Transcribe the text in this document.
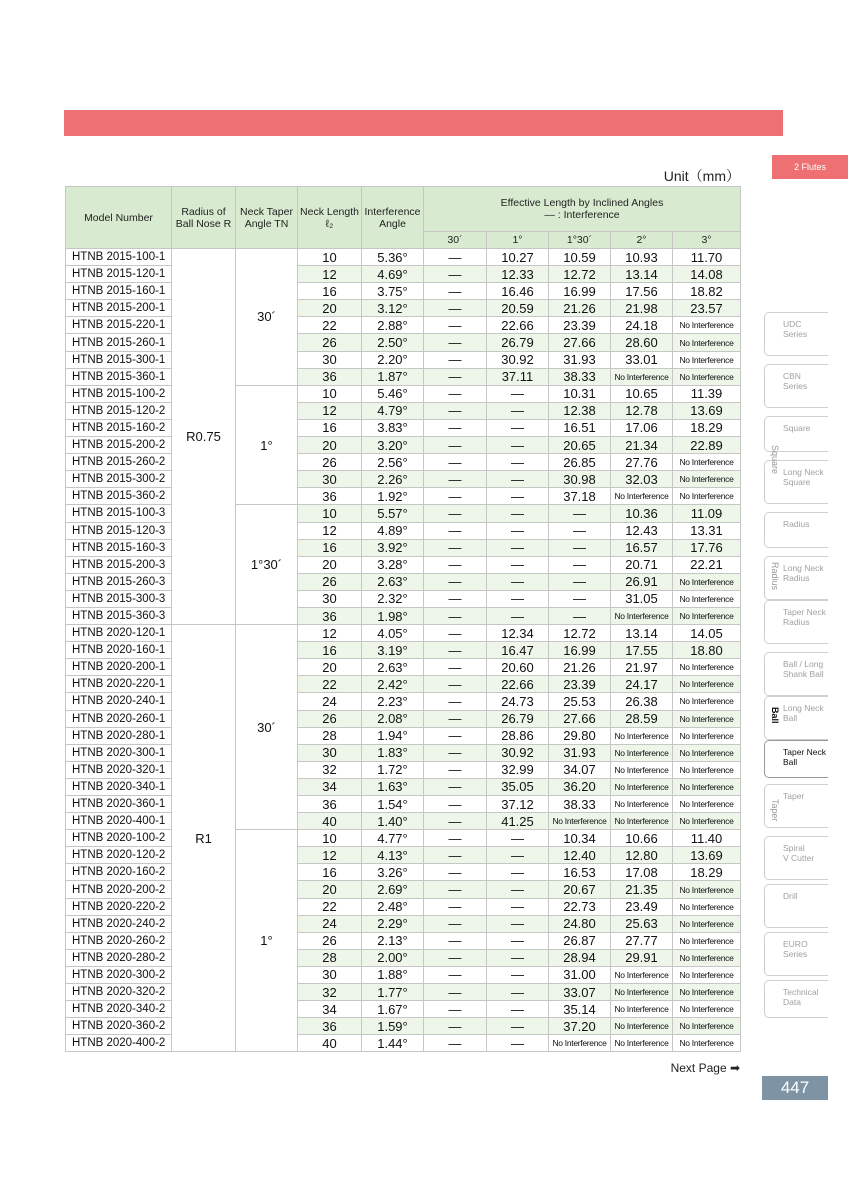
2 Flutes
Unit（mm）
Model Number	Radius of Ball Nose R	Neck Taper Angle TN	Neck Length ℓ₂	Interference Angle	Effective Length by Inclined Angles
— : Interference				

					30´	1°	1°30´	2°	3°
HTNB 2015-100-1	R0.75	30´	10	5.36°	—	10.27	10.59	10.93	11.70
HTNB 2015-120-1			12	4.69°	—	12.33	12.72	13.14	14.08
HTNB 2015-160-1			16	3.75°	—	16.46	16.99	17.56	18.82
HTNB 2015-200-1			20	3.12°	—	20.59	21.26	21.98	23.57
HTNB 2015-220-1			22	2.88°	—	22.66	23.39	24.18	No Interference
HTNB 2015-260-1			26	2.50°	—	26.79	27.66	28.60	No Interference
HTNB 2015-300-1			30	2.20°	—	30.92	31.93	33.01	No Interference
HTNB 2015-360-1			36	1.87°	—	37.11	38.33	No Interference	No Interference
HTNB 2015-100-2		1°	10	5.46°	—	—	10.31	10.65	11.39
HTNB 2015-120-2			12	4.79°	—	—	12.38	12.78	13.69
HTNB 2015-160-2			16	3.83°	—	—	16.51	17.06	18.29
HTNB 2015-200-2			20	3.20°	—	—	20.65	21.34	22.89
HTNB 2015-260-2			26	2.56°	—	—	26.85	27.76	No Interference
HTNB 2015-300-2			30	2.26°	—	—	30.98	32.03	No Interference
HTNB 2015-360-2			36	1.92°	—	—	37.18	No Interference	No Interference
HTNB 2015-100-3		1°30´	10	5.57°	—	—	—	10.36	11.09
HTNB 2015-120-3			12	4.89°	—	—	—	12.43	13.31
HTNB 2015-160-3			16	3.92°	—	—	—	16.57	17.76
HTNB 2015-200-3			20	3.28°	—	—	—	20.71	22.21
HTNB 2015-260-3			26	2.63°	—	—	—	26.91	No Interference
HTNB 2015-300-3			30	2.32°	—	—	—	31.05	No Interference
HTNB 2015-360-3			36	1.98°	—	—	—	No Interference	No Interference
HTNB 2020-120-1	R1	30´	12	4.05°	—	12.34	12.72	13.14	14.05
HTNB 2020-160-1			16	3.19°	—	16.47	16.99	17.55	18.80
HTNB 2020-200-1			20	2.63°	—	20.60	21.26	21.97	No Interference
HTNB 2020-220-1			22	2.42°	—	22.66	23.39	24.17	No Interference
HTNB 2020-240-1			24	2.23°	—	24.73	25.53	26.38	No Interference
HTNB 2020-260-1			26	2.08°	—	26.79	27.66	28.59	No Interference
HTNB 2020-280-1			28	1.94°	—	28.86	29.80	No Interference	No Interference
HTNB 2020-300-1			30	1.83°	—	30.92	31.93	No Interference	No Interference
HTNB 2020-320-1			32	1.72°	—	32.99	34.07	No Interference	No Interference
HTNB 2020-340-1			34	1.63°	—	35.05	36.20	No Interference	No Interference
HTNB 2020-360-1			36	1.54°	—	37.12	38.33	No Interference	No Interference
HTNB 2020-400-1			40	1.40°	—	41.25	No Interference	No Interference	No Interference
HTNB 2020-100-2		1°	10	4.77°	—	—	10.34	10.66	11.40
HTNB 2020-120-2			12	4.13°	—	—	12.40	12.80	13.69
HTNB 2020-160-2			16	3.26°	—	—	16.53	17.08	18.29
HTNB 2020-200-2			20	2.69°	—	—	20.67	21.35	No Interference
HTNB 2020-220-2			22	2.48°	—	—	22.73	23.49	No Interference
HTNB 2020-240-2			24	2.29°	—	—	24.80	25.63	No Interference
HTNB 2020-260-2			26	2.13°	—	—	26.87	27.77	No Interference
HTNB 2020-280-2			28	2.00°	—	—	28.94	29.91	No Interference
HTNB 2020-300-2			30	1.88°	—	—	31.00	No Interference	No Interference
HTNB 2020-320-2			32	1.77°	—	—	33.07	No Interference	No Interference
HTNB 2020-340-2			34	1.67°	—	—	35.14	No Interference	No Interference
HTNB 2020-360-2			36	1.59°	—	—	37.20	No Interference	No Interference
HTNB 2020-400-2			40	1.44°	—	—	No Interference	No Interference	No Interference
Next Page ➡
447
UDC
Series
CBN
Series
Square
Long Neck
Square
Radius
Long Neck
Radius
Taper Neck
Radius
Ball / Long
Shank Ball
Long Neck
Ball
Taper Neck
Ball
Taper
Spiral
V Cutter
Drill
EURO Series
Technical Data
Square
Radius
Ball
Taper
